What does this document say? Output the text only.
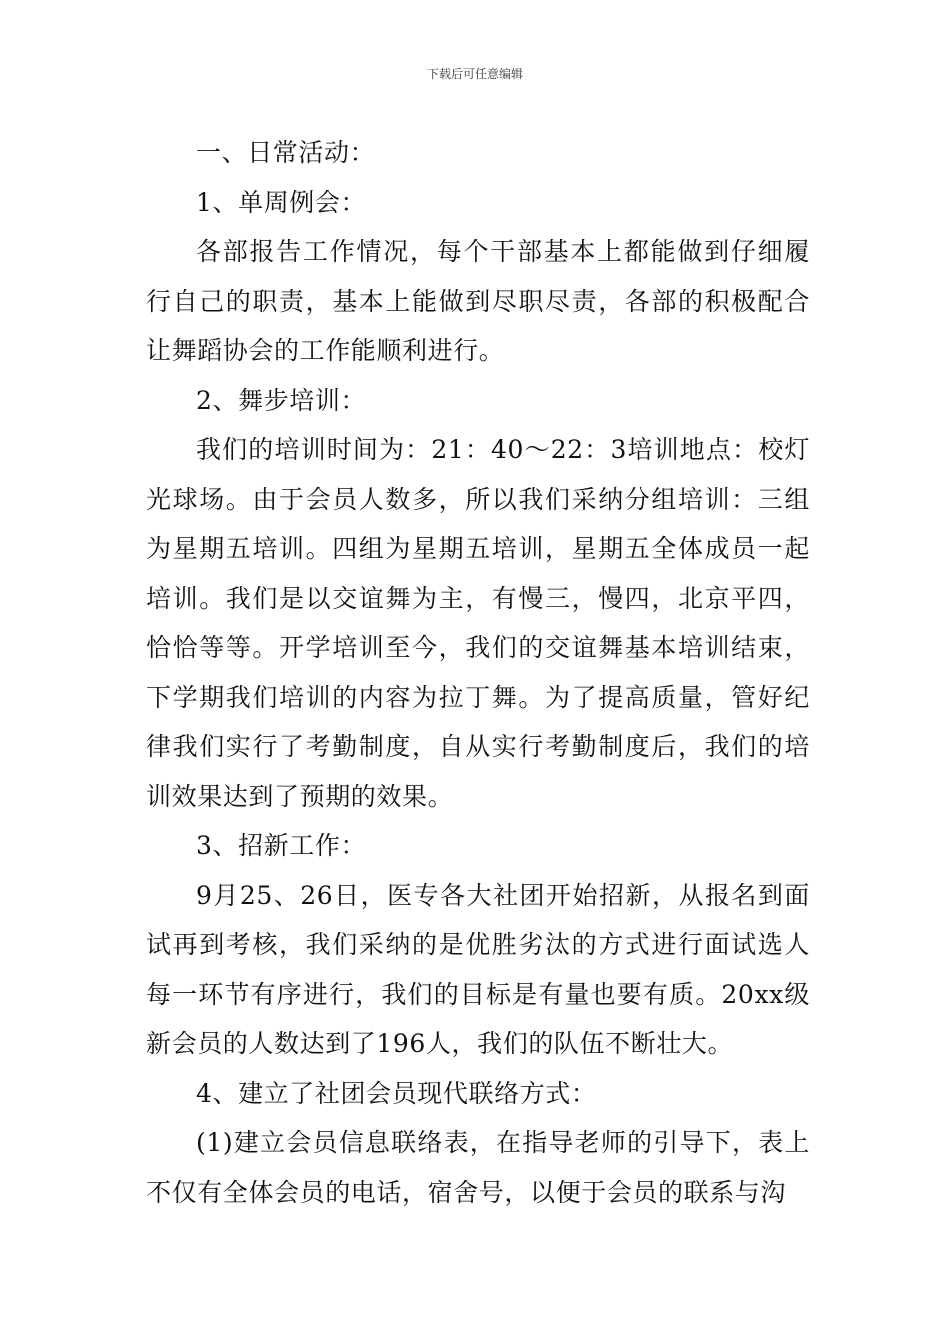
下载后可任意编辑

一、日常活动：

1、单周例会：

各部报告工作情况，每个干部基本上都能做到仔细履行自己的职责，基本上能做到尽职尽责，各部的积极配合让舞蹈协会的工作能顺利进行。

2、舞步培训：

我们的培训时间为：21：40～22：3培训地点：校灯光球场。由于会员人数多，所以我们采纳分组培训：三组为星期五培训。四组为星期五培训，星期五全体成员一起培训。我们是以交谊舞为主，有慢三，慢四，北京平四，恰恰等等。开学培训至今，我们的交谊舞基本培训结束，下学期我们培训的内容为拉丁舞。为了提高质量，管好纪律我们实行了考勤制度，自从实行考勤制度后，我们的培训效果达到了预期的效果。

3、招新工作：

9月25、26日，医专各大社团开始招新，从报名到面试再到考核，我们采纳的是优胜劣汰的方式进行面试选人每一环节有序进行，我们的目标是有量也要有质。20xx级新会员的人数达到了196人，我们的队伍不断壮大。

4、建立了社团会员现代联络方式：

(1)建立会员信息联络表，在指导老师的引导下，表上不仅有全体会员的电话，宿舍号，以便于会员的联系与沟
